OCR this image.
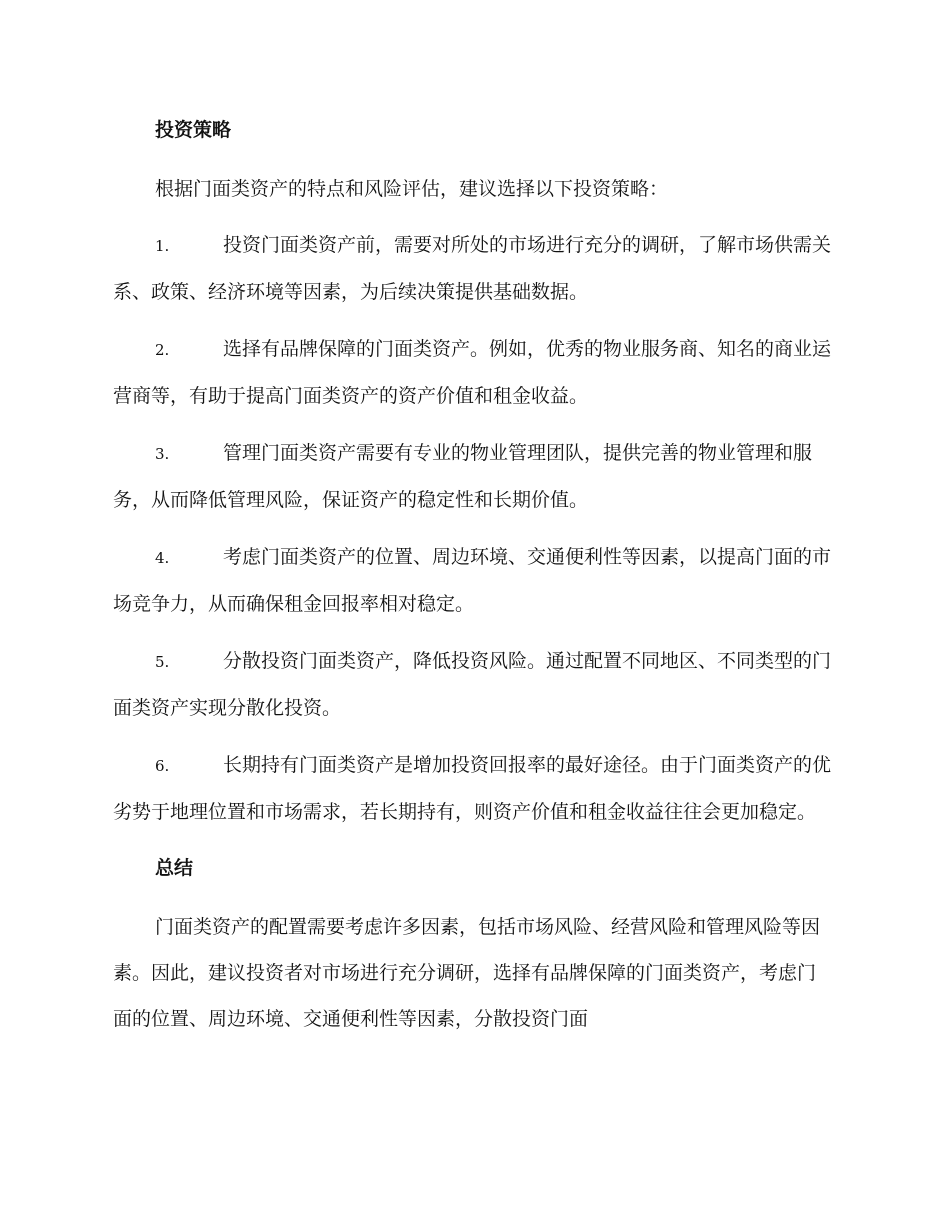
投资策略

根据门面类资产的特点和风险评估，建议选择以下投资策略：

1.	投资门面类资产前，需要对所处的市场进行充分的调研，了解市场供需关系、政策、经济环境等因素，为后续决策提供基础数据。

2.	选择有品牌保障的门面类资产。例如，优秀的物业服务商、知名的商业运营商等，有助于提高门面类资产的资产价值和租金收益。

3.	管理门面类资产需要有专业的物业管理团队，提供完善的物业管理和服务，从而降低管理风险，保证资产的稳定性和长期价值。

4.	考虑门面类资产的位置、周边环境、交通便利性等因素，以提高门面的市场竞争力，从而确保租金回报率相对稳定。

5.	分散投资门面类资产，降低投资风险。通过配置不同地区、不同类型的门面类资产实现分散化投资。

6.	长期持有门面类资产是增加投资回报率的最好途径。由于门面类资产的优劣势于地理位置和市场需求，若长期持有，则资产价值和租金收益往往会更加稳定。

总结

门面类资产的配置需要考虑许多因素，包括市场风险、经营风险和管理风险等因素。因此，建议投资者对市场进行充分调研，选择有品牌保障的门面类资产，考虑门面的位置、周边环境、交通便利性等因素，分散投资门面
